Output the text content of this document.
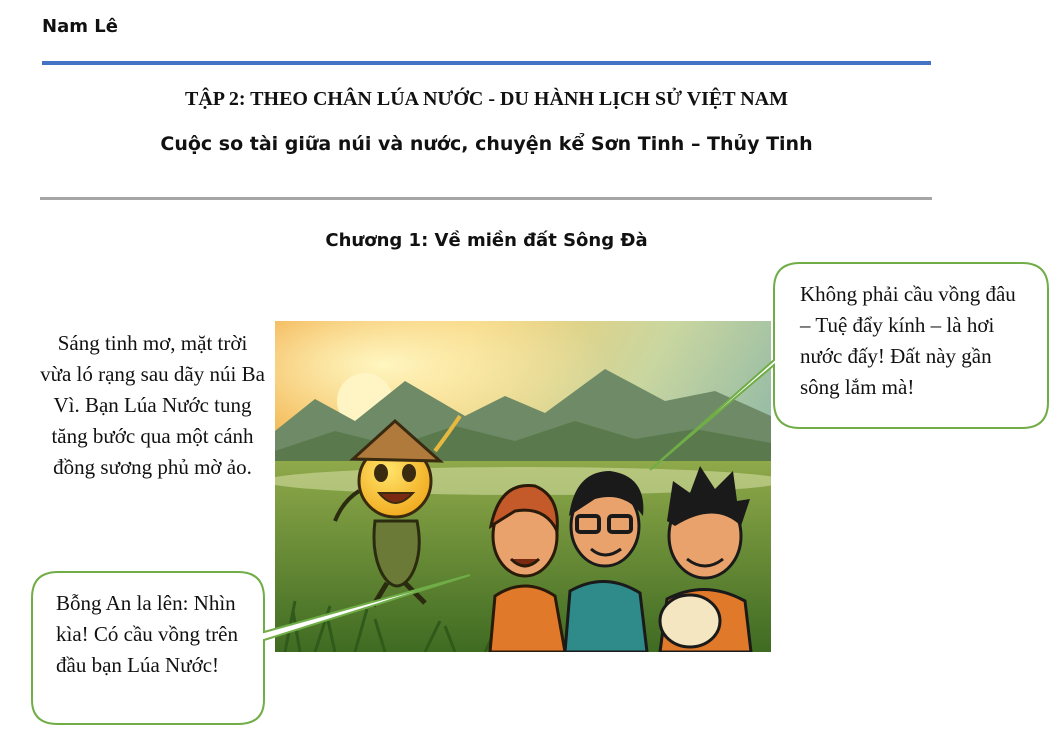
Nam Lê
TẬP 2: THEO CHÂN LÚA NƯỚC - DU HÀNH LỊCH SỬ VIỆT NAM
Cuộc so tài giữa núi và nước, chuyện kể Sơn Tinh – Thủy Tinh
Chương 1: Về miền đất Sông Đà
Sáng tinh mơ, mặt trời vừa ló rạng sau dãy núi Ba Vì. Bạn Lúa Nước tung tăng bước qua một cánh đồng sương phủ mờ ảo.
Không phải cầu vồng đâu – Tuệ đẩy kính – là hơi nước đấy! Đất này gần sông lắm mà!
Bỗng An la lên: Nhìn kìa! Có cầu vồng trên đầu bạn Lúa Nước!
